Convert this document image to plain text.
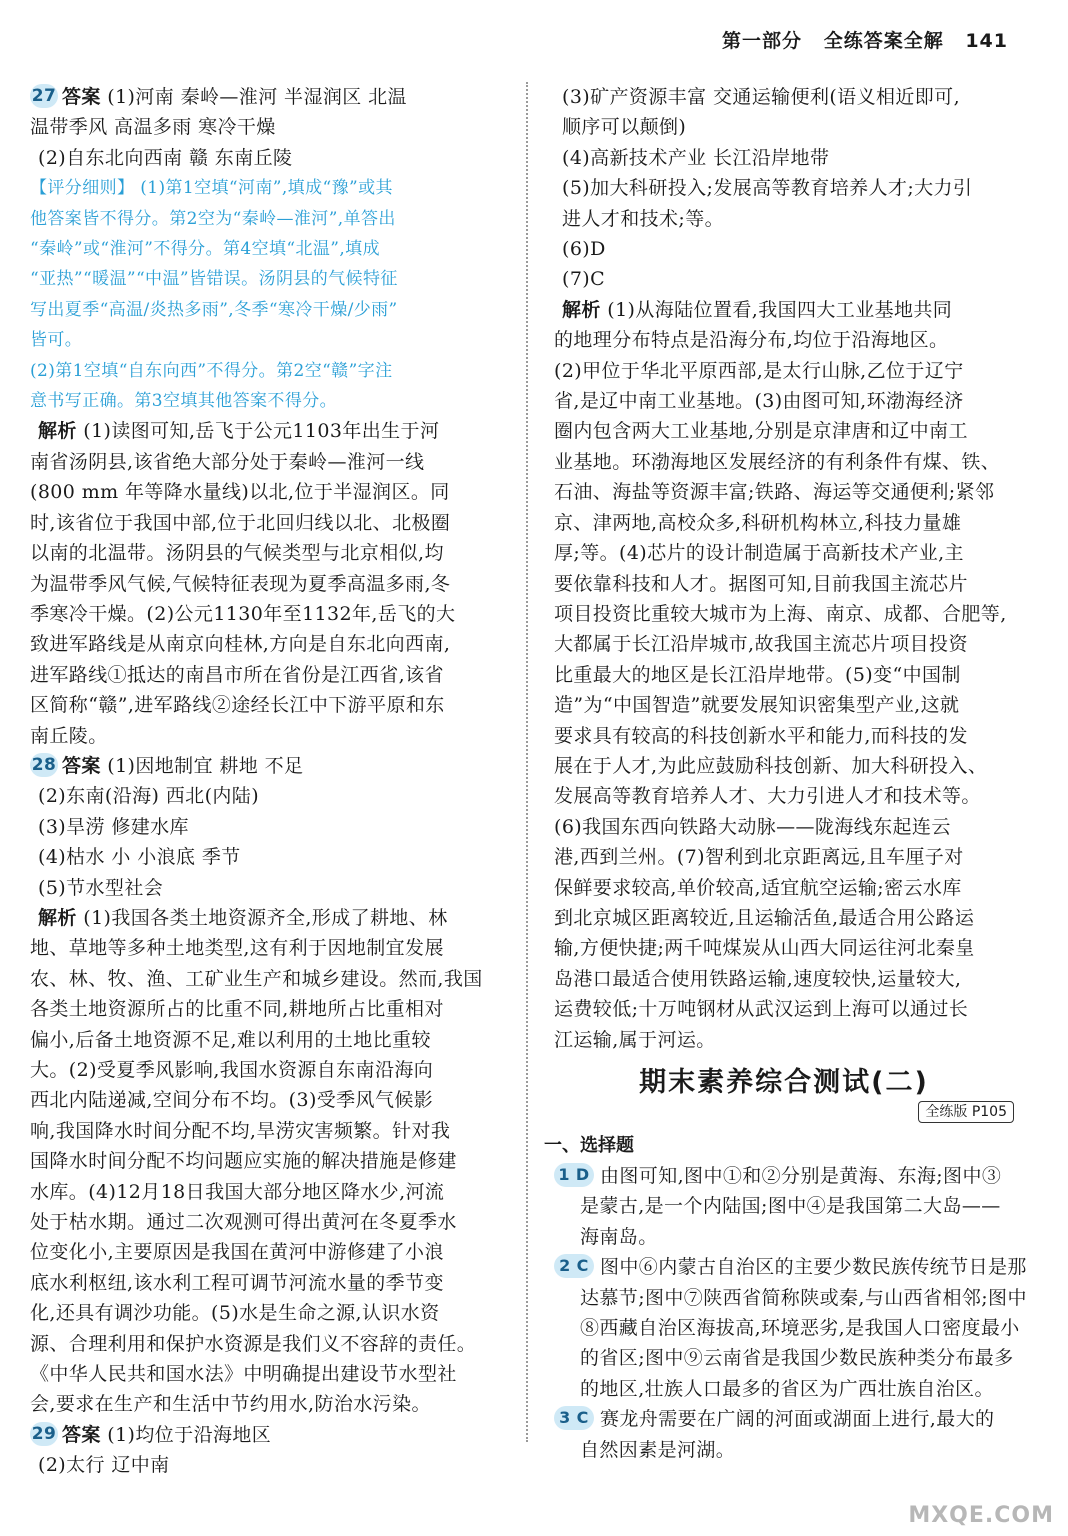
第一部分 全练答案全解 141
27 答案 (1)河南 秦岭—淮河 半湿润区 北温
温带季风 高温多雨 寒冷干燥
(2)自东北向西南 赣 东南丘陵
【评分细则】 (1)第1空填“河南”,填成“豫”或其
他答案皆不得分。第2空为“秦岭—淮河”,单答出
“秦岭”或“淮河”不得分。第4空填“北温”,填成
“亚热”“暖温”“中温”皆错误。汤阴县的气候特征
写出夏季“高温/炎热多雨”,冬季“寒冷干燥/少雨”
皆可。
(2)第1空填“自东向西”不得分。第2空“赣”字注
意书写正确。第3空填其他答案不得分。
解析 (1)读图可知,岳飞于公元1103年出生于河
南省汤阴县,该省绝大部分处于秦岭—淮河一线
(800 mm 年等降水量线)以北,位于半湿润区。同
时,该省位于我国中部,位于北回归线以北、北极圈
以南的北温带。汤阴县的气候类型与北京相似,均
为温带季风气候,气候特征表现为夏季高温多雨,冬
季寒冷干燥。(2)公元1130年至1132年,岳飞的大
致进军路线是从南京向桂林,方向是自东北向西南,
进军路线①抵达的南昌市所在省份是江西省,该省
区简称“赣”,进军路线②途经长江中下游平原和东
南丘陵。
28 答案 (1)因地制宜 耕地 不足
(2)东南(沿海) 西北(内陆)
(3)旱涝 修建水库
(4)枯水 小 小浪底 季节
(5)节水型社会
解析 (1)我国各类土地资源齐全,形成了耕地、林
地、草地等多种土地类型,这有利于因地制宜发展
农、林、牧、渔、工矿业生产和城乡建设。然而,我国
各类土地资源所占的比重不同,耕地所占比重相对
偏小,后备土地资源不足,难以利用的土地比重较
大。(2)受夏季风影响,我国水资源自东南沿海向
西北内陆递减,空间分布不均。(3)受季风气候影
响,我国降水时间分配不均,旱涝灾害频繁。针对我
国降水时间分配不均问题应实施的解决措施是修建
水库。(4)12月18日我国大部分地区降水少,河流
处于枯水期。通过二次观测可得出黄河在冬夏季水
位变化小,主要原因是我国在黄河中游修建了小浪
底水利枢纽,该水利工程可调节河流水量的季节变
化,还具有调沙功能。(5)水是生命之源,认识水资
源、合理利用和保护水资源是我们义不容辞的责任。
《中华人民共和国水法》中明确提出建设节水型社
会,要求在生产和生活中节约用水,防治水污染。
29 答案 (1)均位于沿海地区
(2)太行 辽中南
(3)矿产资源丰富 交通运输便利(语义相近即可,
顺序可以颠倒)
(4)高新技术产业 长江沿岸地带
(5)加大科研投入;发展高等教育培养人才;大力引
进人才和技术;等。
(6)D
(7)C
解析 (1)从海陆位置看,我国四大工业基地共同
的地理分布特点是沿海分布,均位于沿海地区。
(2)甲位于华北平原西部,是太行山脉,乙位于辽宁
省,是辽中南工业基地。(3)由图可知,环渤海经济
圈内包含两大工业基地,分别是京津唐和辽中南工
业基地。环渤海地区发展经济的有利条件有煤、铁、
石油、海盐等资源丰富;铁路、海运等交通便利;紧邻
京、津两地,高校众多,科研机构林立,科技力量雄
厚;等。(4)芯片的设计制造属于高新技术产业,主
要依靠科技和人才。据图可知,目前我国主流芯片
项目投资比重较大城市为上海、南京、成都、合肥等,
大都属于长江沿岸城市,故我国主流芯片项目投资
比重最大的地区是长江沿岸地带。(5)变“中国制
造”为“中国智造”就要发展知识密集型产业,这就
要求具有较高的科技创新水平和能力,而科技的发
展在于人才,为此应鼓励科技创新、加大科研投入、
发展高等教育培养人才、大力引进人才和技术等。
(6)我国东西向铁路大动脉——陇海线东起连云
港,西到兰州。(7)智利到北京距离远,且车厘子对
保鲜要求较高,单价较高,适宜航空运输;密云水库
到北京城区距离较近,且运输活鱼,最适合用公路运
输,方便快捷;两千吨煤炭从山西大同运往河北秦皇
岛港口最适合使用铁路运输,速度较快,运量较大,
运费较低;十万吨钢材从武汉运到上海可以通过长
江运输,属于河运。
期末素养综合测试(二)
全练版 P105
一、选择题
1 D 由图可知,图中①和②分别是黄海、东海;图中③
是蒙古,是一个内陆国;图中④是我国第二大岛——
海南岛。
2 C 图中⑥内蒙古自治区的主要少数民族传统节日是那
达慕节;图中⑦陕西省简称陕或秦,与山西省相邻;图中
⑧西藏自治区海拔高,环境恶劣,是我国人口密度最小
的省区;图中⑨云南省是我国少数民族种类分布最多
的地区,壮族人口最多的省区为广西壮族自治区。
3 C 赛龙舟需要在广阔的河面或湖面上进行,最大的
自然因素是河湖。
MXQE.COM
